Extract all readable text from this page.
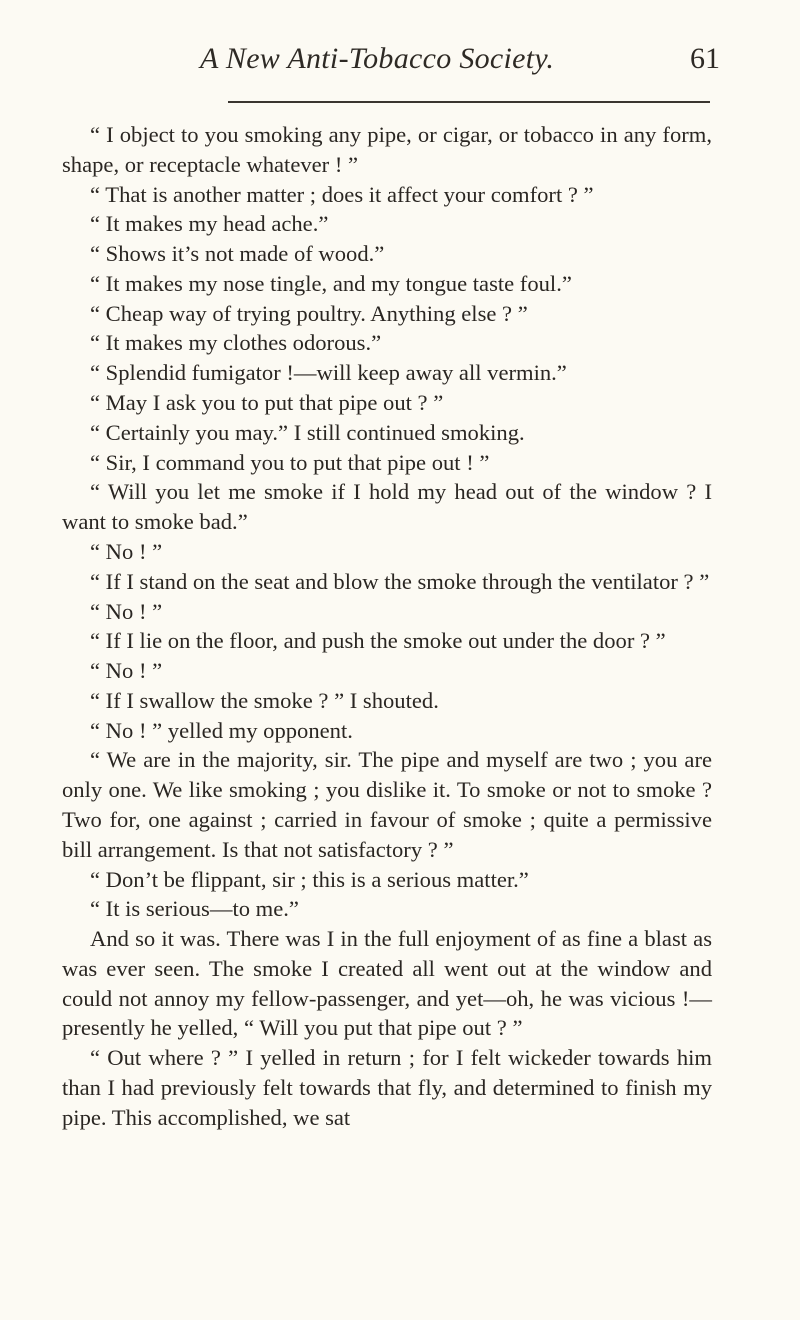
A New Anti-Tobacco Society.	61

“ I object to you smoking any pipe, or cigar, or tobacco in any form, shape, or receptacle whatever ! ”

“ That is another matter ; does it affect your comfort ? ”

“ It makes my head ache.”

“ Shows it’s not made of wood.”

“ It makes my nose tingle, and my tongue taste foul.”

“ Cheap way of trying poultry. Anything else ? ”

“ It makes my clothes odorous.”

“ Splendid fumigator !—will keep away all vermin.”

“ May I ask you to put that pipe out ? ”

“ Certainly you may.” I still continued smoking.

“ Sir, I command you to put that pipe out ! ”

“ Will you let me smoke if I hold my head out of the window ? I want to smoke bad.”

“ No ! ”

“ If I stand on the seat and blow the smoke through the ventilator ? ”

“ No ! ”

“ If I lie on the floor, and push the smoke out under the door ? ”

“ No ! ”

“ If I swallow the smoke ? ” I shouted.

“ No ! ” yelled my opponent.

“ We are in the majority, sir. The pipe and myself are two ; you are only one. We like smoking ; you dislike it. To smoke or not to smoke ? Two for, one against ; carried in favour of smoke ; quite a permissive bill arrangement. Is that not satisfactory ? ”

“ Don’t be flippant, sir ; this is a serious matter.”

“ It is serious—to me.”

And so it was. There was I in the full enjoyment of as fine a blast as was ever seen. The smoke I created all went out at the window and could not annoy my fellow-passenger, and yet—oh, he was vicious !—presently he yelled, “ Will you put that pipe out ? ”

“ Out where ? ” I yelled in return ; for I felt wickeder towards him than I had previously felt towards that fly, and determined to finish my pipe. This accomplished, we sat
